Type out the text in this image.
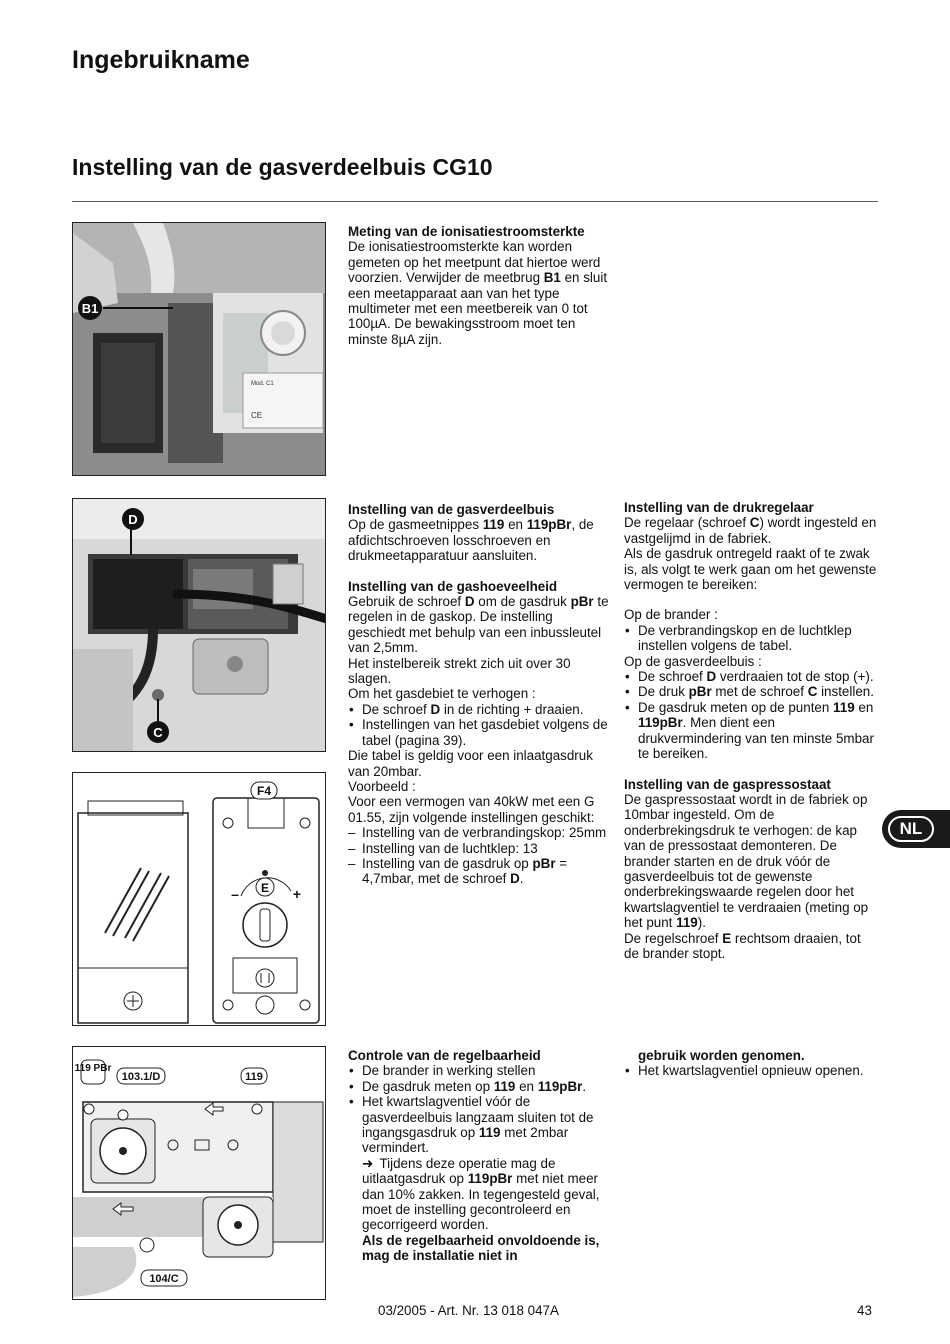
Ingebruikname
Instelling van de gasverdeelbuis CG10
Mod. C1
CE
B1
D
C
E
–	+
F4
119 PBr
103.1/D	119
104/C
Meting van de ionisatiestroomsterkte

De ionisatiestroomsterkte kan worden gemeten op het meetpunt dat hiertoe werd voorzien. Verwijder de meetbrug B1 en sluit een meetapparaat aan van het type multimeter met een meetbereik van 0 tot 100µA. De bewakingsstroom moet ten minste 8µA zijn.

Instelling van de gasverdeelbuis

Op de gasmeetnippes 119 en 119pBr, de afdichtschroeven losschroeven en drukmeetapparatuur aansluiten.

Instelling van de gashoeveelheid

Gebruik de schroef D om de gasdruk pBr te regelen in de gaskop. De instelling geschiedt met behulp van een inbussleutel van 2,5mm.

Het instelbereik strekt zich uit over 30 slagen.

Om het gasdebiet te verhogen :

• De schroef D in de richting + draaien.
• Instellingen van het gasdebiet volgens de tabel (pagina 39).

Die tabel is geldig voor een inlaatgasdruk van 20mbar.

Voorbeeld :

Voor een vermogen van 40kW met een G 01.55, zijn volgende instellingen geschikt:

– Instelling van de verbrandingskop: 25mm
– Instelling van de luchtklep: 13
– Instelling van de gasdruk op pBr = 4,7mbar, met de schroef D.
Instelling van de drukregelaar

De regelaar (schroef C) wordt ingesteld en vastgelijmd in de fabriek.

Als de gasdruk ontregeld raakt of te zwak is, als volgt te werk gaan om het gewenste vermogen te bereiken:

Op de brander :

• De verbrandingskop en de luchtklep instellen volgens de tabel.

Op de gasverdeelbuis :

• De schroef D verdraaien tot de stop (+).
• De druk pBr met de schroef C instellen.
• De gasdruk meten op de punten 119 en 119pBr. Men dient een drukvermindering van ten minste 5mbar te bereiken.
Instelling van de gaspressostaat

De gaspressostaat wordt in de fabriek op 10mbar ingesteld. Om de onderbrekingsdruk te verhogen: de kap van de pressostaat demonteren. De brander starten en de druk vóór de gasverdeelbuis tot de gewenste onderbrekingswaarde regelen door het kwartslagventiel te verdraaien (meting op het punt 119).

De regelschroef E rechtsom draaien, tot de brander stopt.

Controle van de regelbaarheid
• De brander in werking stellen
• De gasdruk meten op 119 en 119pBr.
• Het kwartslagventiel vóór de gasverdeelbuis langzaam sluiten tot de ingangsgasdruk op 119 met 2mbar vermindert.
➜ Tijdens deze operatie mag de uitlaatgasdruk op 119pBr met niet meer dan 10% zakken. In tegengesteld geval, moet de instelling gecontroleerd en gecorrigeerd worden.
Als de regelbaarheid onvoldoende is, mag de installatie niet in
gebruik worden genomen.
• Het kwartslagventiel opnieuw openen.
NL
03/2005 - Art. Nr. 13 018 047A	43
